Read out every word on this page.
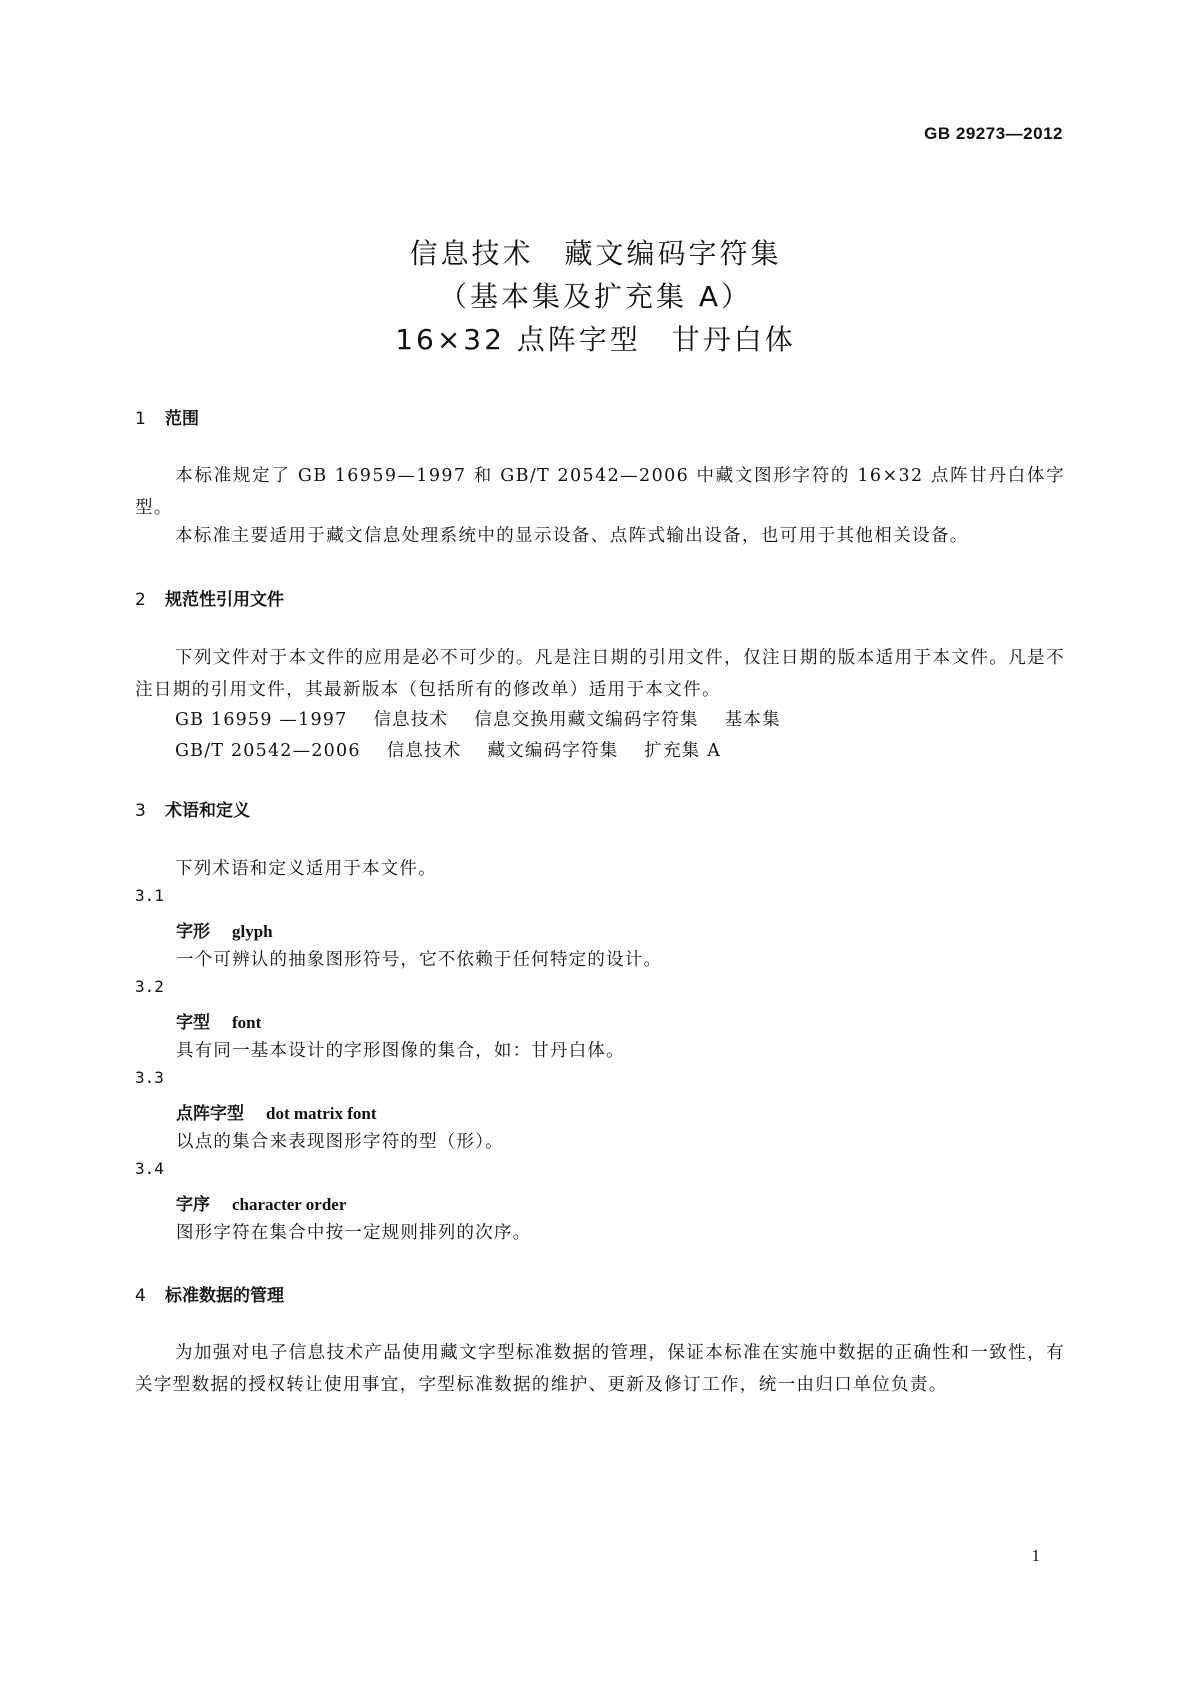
GB 29273—2012
信息技术　藏文编码字符集
（基本集及扩充集 A）
16×32 点阵字型　甘丹白体
1 范围
本标准规定了 GB 16959—1997 和 GB/T 20542—2006 中藏文图形字符的 16×32 点阵甘丹白体字型。
本标准主要适用于藏文信息处理系统中的显示设备、点阵式输出设备，也可用于其他相关设备。
2 规范性引用文件
下列文件对于本文件的应用是必不可少的。凡是注日期的引用文件，仅注日期的版本适用于本文件。凡是不注日期的引用文件，其最新版本（包括所有的修改单）适用于本文件。
GB 16959 —1997 信息技术 信息交换用藏文编码字符集 基本集
GB/T 20542—2006 信息技术 藏文编码字符集 扩充集 A
3 术语和定义
下列术语和定义适用于本文件。
3.1
字形 glyph
一个可辨认的抽象图形符号，它不依赖于任何特定的设计。
3.2
字型 font
具有同一基本设计的字形图像的集合，如：甘丹白体。
3.3
点阵字型 dot matrix font
以点的集合来表现图形字符的型（形）。
3.4
字序 character order
图形字符在集合中按一定规则排列的次序。
4 标准数据的管理
为加强对电子信息技术产品使用藏文字型标准数据的管理，保证本标准在实施中数据的正确性和一致性，有关字型数据的授权转让使用事宜，字型标准数据的维护、更新及修订工作，统一由归口单位负责。
1
